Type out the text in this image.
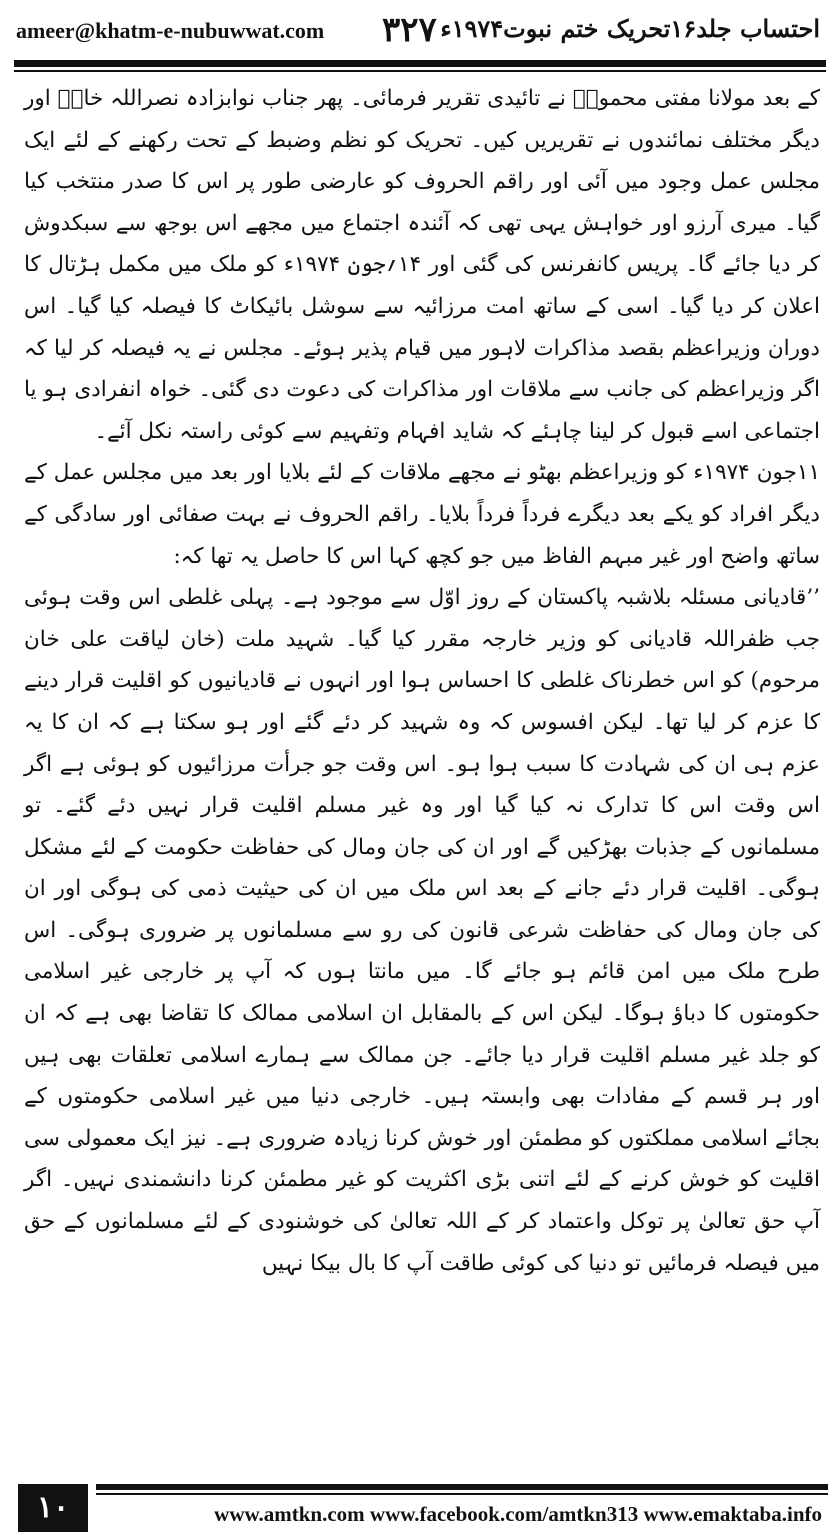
ameer@khatm-e-nubuwwat.com ۳۲۷ احتساب جلد۱۶تحریک ختم نبوت۱۹۷۴ء

کے بعد مولانا مفتی محمودؒ نے تائیدی تقریر فرمائی۔ پھر جناب نوابزادہ نصراللہ خانؒ اور دیگر مختلف نمائندوں نے تقریریں کیں۔ تحریک کو نظم وضبط کے تحت رکھنے کے لئے ایک مجلس عمل وجود میں آئی اور راقم الحروف کو عارضی طور پر اس کا صدر منتخب کیا گیا۔ میری آرزو اور خواہش یہی تھی کہ آئندہ اجتماع میں مجھے اس بوجھ سے سبکدوش کر دیا جائے گا۔ پریس کانفرنس کی گئی اور ۱۴؍جون ۱۹۷۴ء کو ملک میں مکمل ہڑتال کا اعلان کر دیا گیا۔ اسی کے ساتھ امت مرزائیہ سے سوشل بائیکاٹ کا فیصلہ کیا گیا۔ اس دوران وزیراعظم بقصد مذاکرات لاہور میں قیام پذیر ہوئے۔ مجلس نے یہ فیصلہ کر لیا کہ اگر وزیراعظم کی جانب سے ملاقات اور مذاکرات کی دعوت دی گئی۔ خواہ انفرادی ہو یا اجتماعی اسے قبول کر لینا چاہئے کہ شاید افہام وتفہیم سے کوئی راستہ نکل آئے۔

۱۱جون ۱۹۷۴ء کو وزیراعظم بھٹو نے مجھے ملاقات کے لئے بلایا اور بعد میں مجلس عمل کے دیگر افراد کو یکے بعد دیگرے فرداً فرداً بلایا۔ راقم الحروف نے بہت صفائی اور سادگی کے ساتھ واضح اور غیر مبہم الفاظ میں جو کچھ کہا اس کا حاصل یہ تھا کہ:

’’قادیانی مسئلہ بلاشبہ پاکستان کے روز اوّل سے موجود ہے۔ پہلی غلطی اس وقت ہوئی جب ظفراللہ قادیانی کو وزیر خارجہ مقرر کیا گیا۔ شہید ملت (خان لیاقت علی خان مرحوم) کو اس خطرناک غلطی کا احساس ہوا اور انہوں نے قادیانیوں کو اقلیت قرار دینے کا عزم کر لیا تھا۔ لیکن افسوس کہ وہ شہید کر دئے گئے اور ہو سکتا ہے کہ ان کا یہ عزم ہی ان کی شہادت کا سبب ہوا ہو۔ اس وقت جو جرأت مرزائیوں کو ہوئی ہے اگر اس وقت اس کا تدارک نہ کیا گیا اور وہ غیر مسلم اقلیت قرار نہیں دئے گئے۔ تو مسلمانوں کے جذبات بھڑکیں گے اور ان کی جان ومال کی حفاظت حکومت کے لئے مشکل ہوگی۔ اقلیت قرار دئے جانے کے بعد اس ملک میں ان کی حیثیت ذمی کی ہوگی اور ان کی جان ومال کی حفاظت شرعی قانون کی رو سے مسلمانوں پر ضروری ہوگی۔ اس طرح ملک میں امن قائم ہو جائے گا۔ میں مانتا ہوں کہ آپ پر خارجی غیر اسلامی حکومتوں کا دباؤ ہوگا۔ لیکن اس کے بالمقابل ان اسلامی ممالک کا تقاضا بھی ہے کہ ان کو جلد غیر مسلم اقلیت قرار دیا جائے۔ جن ممالک سے ہمارے اسلامی تعلقات بھی ہیں اور ہر قسم کے مفادات بھی وابستہ ہیں۔ خارجی دنیا میں غیر اسلامی حکومتوں کے بجائے اسلامی مملکتوں کو مطمئن اور خوش کرنا زیادہ ضروری ہے۔ نیز ایک معمولی سی اقلیت کو خوش کرنے کے لئے اتنی بڑی اکثریت کو غیر مطمئن کرنا دانشمندی نہیں۔ اگر آپ حق تعالیٰ پر توکل واعتماد کر کے اللہ تعالیٰ کی خوشنودی کے لئے مسلمانوں کے حق میں فیصلہ فرمائیں تو دنیا کی کوئی طاقت آپ کا بال بیکا نہیں

۱۰	www.amtkn.com www.facebook.com/amtkn313 www.emaktaba.info
